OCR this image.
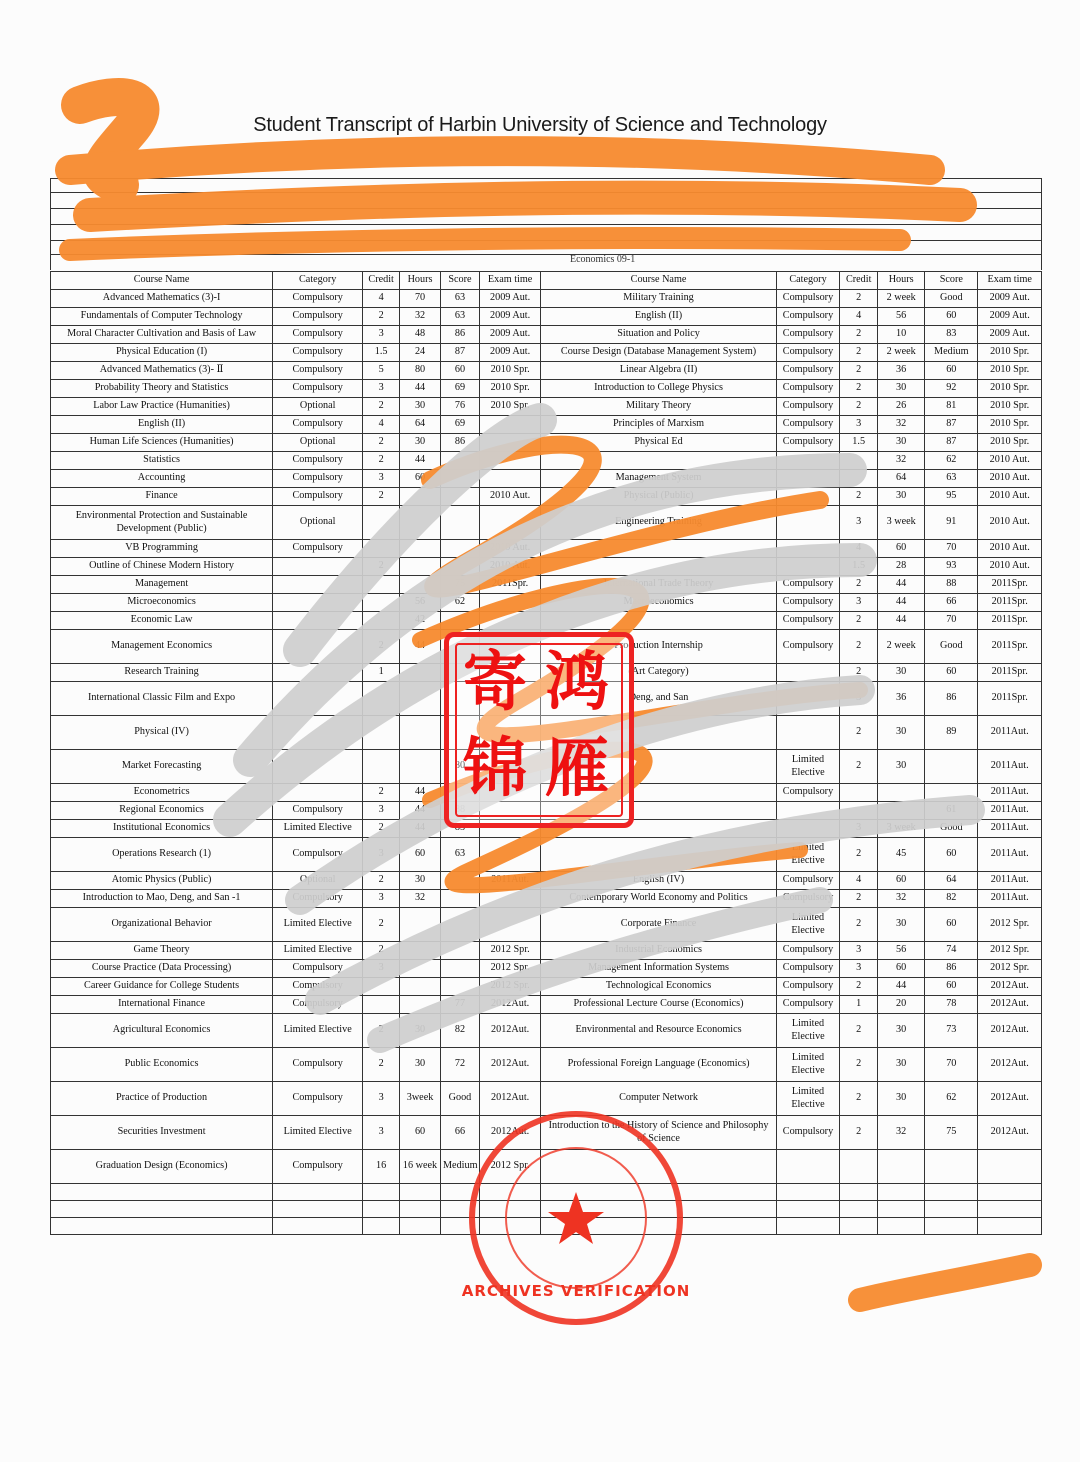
Student Transcript of Harbin University of Science and Technology
Economics 09-1
Course Name	Category	Credit	Hours	Score	Exam time	Course Name	Category	Credit	Hours	Score	Exam time
Advanced Mathematics (3)-I	Compulsory	4	70	63	2009 Aut.	Military Training	Compulsory	2	2 week	Good	2009 Aut.
Fundamentals of Computer Technology	Compulsory	2	32	63	2009 Aut.	English (II)	Compulsory	4	56	60	2009 Aut.
Moral Character Cultivation and Basis of Law	Compulsory	3	48	86	2009 Aut.	Situation and Policy	Compulsory	2	10	83	2009 Aut.
Physical Education (I)	Compulsory	1.5	24	87	2009 Aut.	Course Design (Database Management System)	Compulsory	2	2 week	Medium	2010 Spr.
Advanced Mathematics (3)- Ⅱ	Compulsory	5	80	60	2010 Spr.	Linear Algebra (II)	Compulsory	2	36	60	2010 Spr.
Probability Theory and Statistics	Compulsory	3	44	69	2010 Spr.	Introduction to College Physics	Compulsory	2	30	92	2010 Spr.
Labor Law Practice (Humanities)	Optional	2	30	76	2010 Spr.	Military Theory	Compulsory	2	26	81	2010 Spr.
English (II)	Compulsory	4	64	69		Principles of Marxism	Compulsory	3	32	87	2010 Spr.
Human Life Sciences (Humanities)	Optional	2	30	86		Physical Ed	Compulsory	1.5	30	87	2010 Spr.
Statistics	Compulsory	2	44						32	62	2010 Aut.
Accounting	Compulsory	3	60			Management System			64	63	2010 Aut.
Finance	Compulsory	2			2010 Aut.	Physical (Public)		2	30	95	2010 Aut.
Environmental Protection and Sustainable Development (Public)	Optional					Engineering Training		3	3 week	91	2010 Aut.
VB Programming	Compulsory				2010 Aut.			4	60	70	2010 Aut.
Outline of Chinese Modern History		2			2010 Aut.			1.5	28	93	2010 Aut.
Management				75	2011Spr.	International Trade Theory	Compulsory	2	44	88	2011Spr.
Microeconomics			56	62		Macroeconomics	Compulsory	3	44	66	2011Spr.
Economic Law			42				Compulsory	2	44	70	2011Spr.
Management Economics		2	44			Production Internship	Compulsory	2	2 week	Good	2011Spr.
Research Training		1				(Art Category)		2	30	60	2011Spr.
International Classic Film and Expo						Deng, and San		3	36	86	2011Spr.
Physical (IV)								2	30	89	2011Aut.
Market Forecasting				80			Limited Elective	2	30		2011Aut.
Econometrics		2	44				Compulsory				2011Aut.
Regional Economics	Compulsory	3	44	88						61	2011Aut.
Institutional Economics	Limited Elective	2	44	85				3	3 week	Good	2011Aut.
Operations Research (1)	Compulsory	3	60	63			Limited Elective	2	45	60	2011Aut.
Atomic Physics (Public)	Optional	2	30		2011Aut.	English (IV)	Compulsory	4	60	64	2011Aut.
Introduction to Mao, Deng, and San -1	Compulsory	3	32			Contemporary World Economy and Politics	Compulsory	2	32	82	2011Aut.
Organizational Behavior	Limited Elective	2				Corporate Finance	Limited Elective	2	30	60	2012 Spr.
Game Theory	Limited Elective	2			2012 Spr.	Industrial Economics	Compulsory	3	56	74	2012 Spr.
Course Practice (Data Processing)	Compulsory	3			2012 Spr.	Management Information Systems	Compulsory	3	60	86	2012 Spr.
Career Guidance for College Students	Compulsory				2012 Spr.	Technological Economics	Compulsory	2	44	60	2012Aut.
International Finance	Compulsory			77	2012Aut.	Professional Lecture Course (Economics)	Compulsory	1	20	78	2012Aut.
Agricultural Economics	Limited Elective	2	30	82	2012Aut.	Environmental and Resource Economics	Limited Elective	2	30	73	2012Aut.
Public Economics	Compulsory	2	30	72	2012Aut.	Professional Foreign Language (Economics)	Limited Elective	2	30	70	2012Aut.
Practice of Production	Compulsory	3	3week	Good	2012Aut.	Computer Network	Limited Elective	2	30	62	2012Aut.
Securities Investment	Limited Elective	3	60	66	2012Aut.	Introduction to the History of Science and Philosophy of Science	Compulsory	2	32	75	2012Aut.
Graduation Design (Economics)	Compulsory	16	16 week	Medium	2012 Spr.						

寄 鸿
锦 雁
ARCHIVES VERIFICATION
